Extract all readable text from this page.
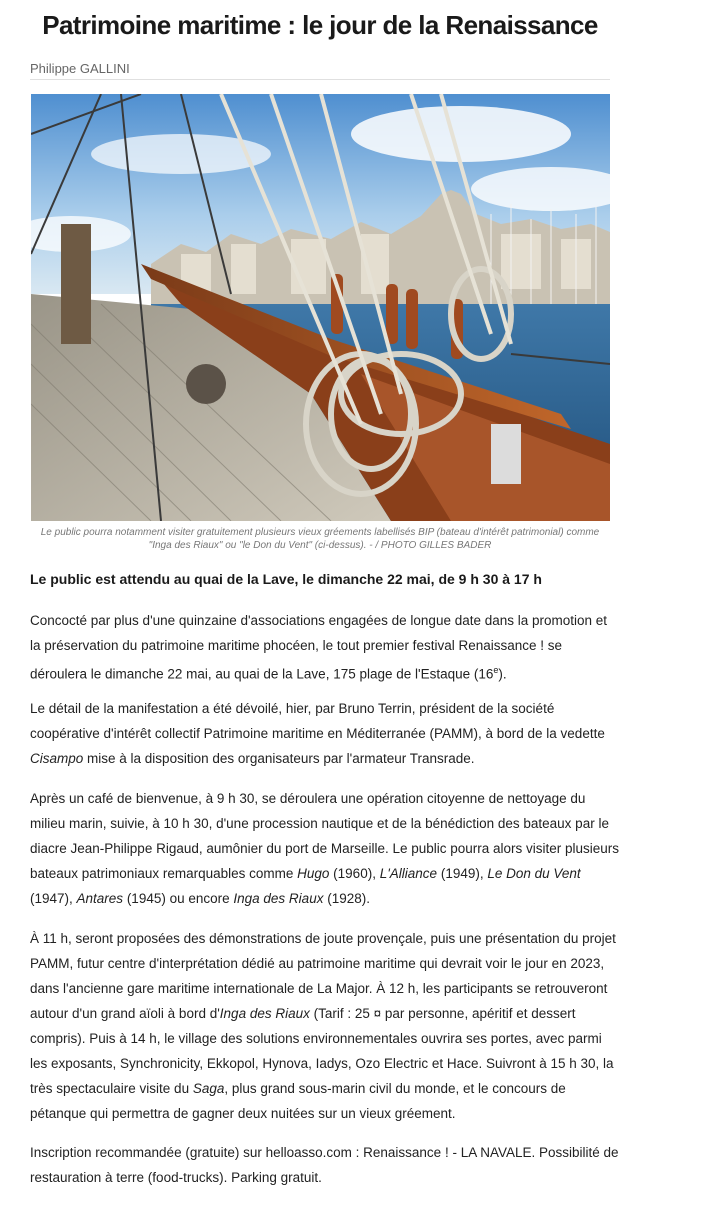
Patrimoine maritime : le jour de la Renaissance
Philippe GALLINI
Le public pourra notamment visiter gratuitement plusieurs vieux gréements labellisés BIP (bateau d'intérêt patrimonial) comme "Inga des Riaux" ou "le Don du Vent" (ci-dessus). - / PHOTO GILLES BADER

Le public est attendu au quai de la Lave, le dimanche 22 mai, de 9 h 30 à 17 h

Concocté par plus d'une quinzaine d'associations engagées de longue date dans la promotion et la préservation du patrimoine maritime phocéen, le tout premier festival Renaissance ! se déroulera le dimanche 22 mai, au quai de la Lave, 175 plage de l'Estaque (16e).

Le détail de la manifestation a été dévoilé, hier, par Bruno Terrin, président de la société coopérative d'intérêt collectif Patrimoine maritime en Méditerranée (PAMM), à bord de la vedette Cisampo mise à la disposition des organisateurs par l'armateur Transrade.

Après un café de bienvenue, à 9 h 30, se déroulera une opération citoyenne de nettoyage du milieu marin, suivie, à 10 h 30, d'une procession nautique et de la bénédiction des bateaux par le diacre Jean-Philippe Rigaud, aumônier du port de Marseille. Le public pourra alors visiter plusieurs bateaux patrimoniaux remarquables comme Hugo (1960), L'Alliance (1949), Le Don du Vent (1947), Antares (1945) ou encore Inga des Riaux (1928).

À 11 h, seront proposées des démonstrations de joute provençale, puis une présentation du projet PAMM, futur centre d'interprétation dédié au patrimoine maritime qui devrait voir le jour en 2023, dans l'ancienne gare maritime internationale de La Major. À 12 h, les participants se retrouveront autour d'un grand aïoli à bord d'Inga des Riaux (Tarif : 25 ¤ par personne, apéritif et dessert compris). Puis à 14 h, le village des solutions environnementales ouvrira ses portes, avec parmi les exposants, Synchronicity, Ekkopol, Hynova, Iadys, Ozo Electric et Hace. Suivront à 15 h 30, la très spectaculaire visite du Saga, plus grand sous-marin civil du monde, et le concours de pétanque qui permettra de gagner deux nuitées sur un vieux gréement.

Inscription recommandée (gratuite) sur helloasso.com : Renaissance ! - LA NAVALE. Possibilité de restauration à terre (food-trucks). Parking gratuit.
